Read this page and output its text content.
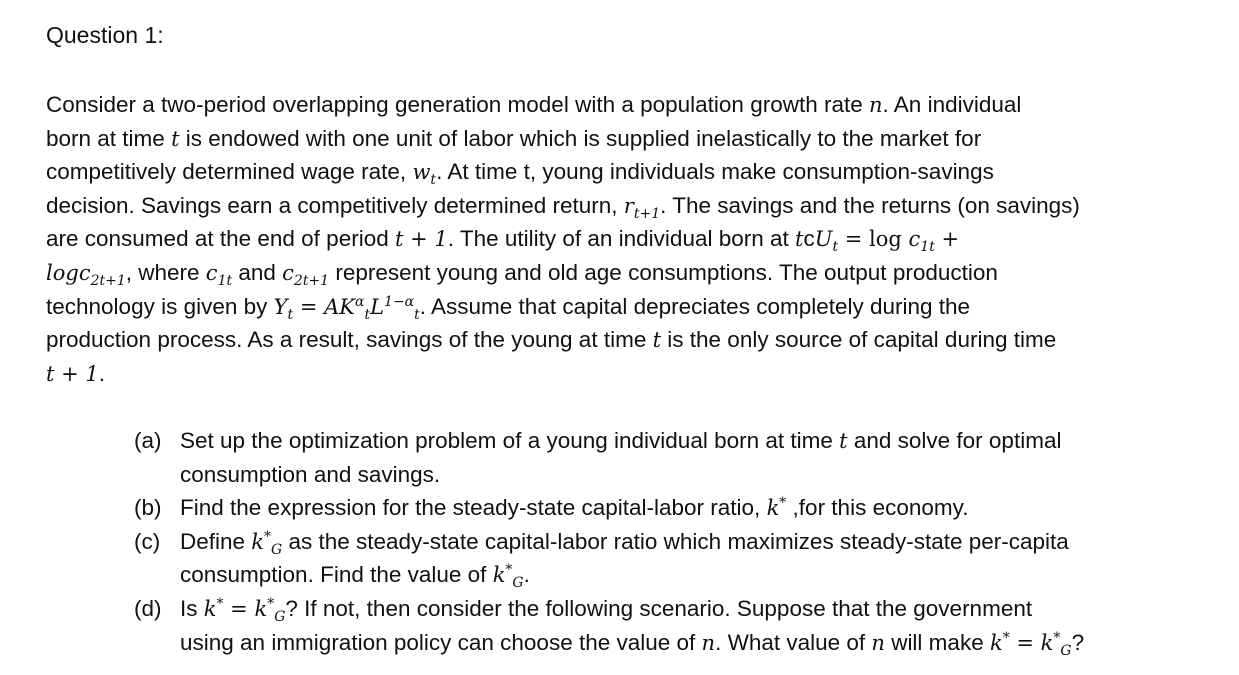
Question 1:
Consider a two-period overlapping generation model with a population growth rate n. An individual
born at time t is endowed with one unit of labor which is supplied inelastically to the market for
competitively determined wage rate, $w_t$. At time t, young individuals make consumption-savings
decision. Savings earn a competitively determined return, $r_{t+1}$. The savings and the returns (on savings)
are consumed at the end of period t + 1. The utility of an individual born at $tcU_t = \log c_{1t}$ +
logc$_{2t+1}$, where $c_{1t}$ and $c_{2t+1}$ represent young and old age consumptions. The output production
technology is given by $Y_t = AK^\alpha_tL^{1-\alpha}_t$. Assume that capital depreciates completely during the
production process. As a result, savings of the young at time t is the only source of capital during time
t + 1.
(a) Set up the optimization problem of a young individual born at time t and solve for optimal
consumption and savings.
(b) Find the expression for the steady-state capital-labor ratio, k* ,for this economy.
(c) Define $k^*_G$ as the steady-state capital-labor ratio which maximizes steady-state per-capita
consumption. Find the value of $k^*_G$.
(d) Is $k^* = k^*_G$? If not, then consider the following scenario. Suppose that the government
using an immigration policy can choose the value of n. What value of n will make $k^* = k^*_G$?
